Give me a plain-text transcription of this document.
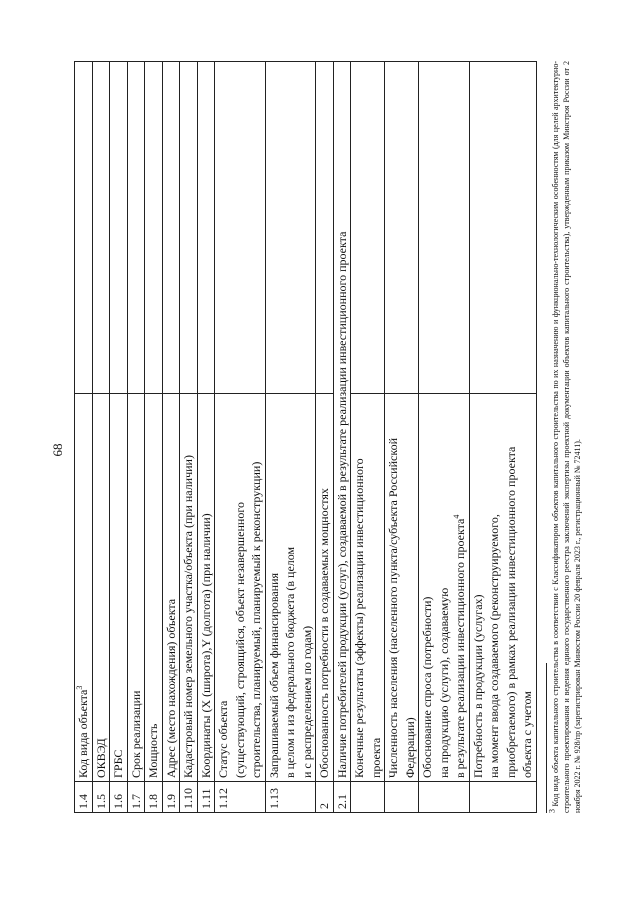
68
1.4	Код вида объекта$^3$

1.5	ОКВЭД	

1.6	ГРБС	

1.7	Срок реализации	

1.8	Мощность	

1.9	Адрес (место нахождения) объекта	

1.10	Кадастровый номер земельного участка/объекта (при наличии)	

1.11	Координаты (X (широта),Y (долгота) (при наличии)	

1.12	Статус объекта (существующий, строящийся, объект незавершенного строительства, планируемый, планируемый к реконструкции)	

1.13	Запрашиваемый объем финансирования в целом и из федерального бюджета (в целом и с распределением по годам)	

2	Обоснованность потребности в создаваемых мощностях	

2.1	Наличие потребителей продукции (услуг), создаваемой в результате реализации инвестиционного проекта	

	Конечные результаты (эффекты) реализации инвестиционного проекта	

	Численность населения (населенного пункта/субъекта Российской Федерации)	

	Обоснование спроса (потребности) на продукцию (услуги), создаваемую в результате реализации инвестиционного проекта$^4$

	Потребность в продукции (услугах) на момент ввода создаваемого (реконструируемого, приобретаемого) в рамках реализации инвестиционного проекта объекта с учетом	

$^3$ Код вида объекта капитального строительства в соответствии с Классификатором объектов капитального строительства по их назначению и функционально-технологическим особенностям (для целей архитектурно-строительного проектирования и ведения единого государственного реестра заключений экспертизы проектной документации объектов капитального строительства), утвержденным приказом Минстроя России от 2 ноября 2022 г. № 928/пр (зарегистрирован Минюстом России 20 февраля 2023 г., регистрационный № 72411).
